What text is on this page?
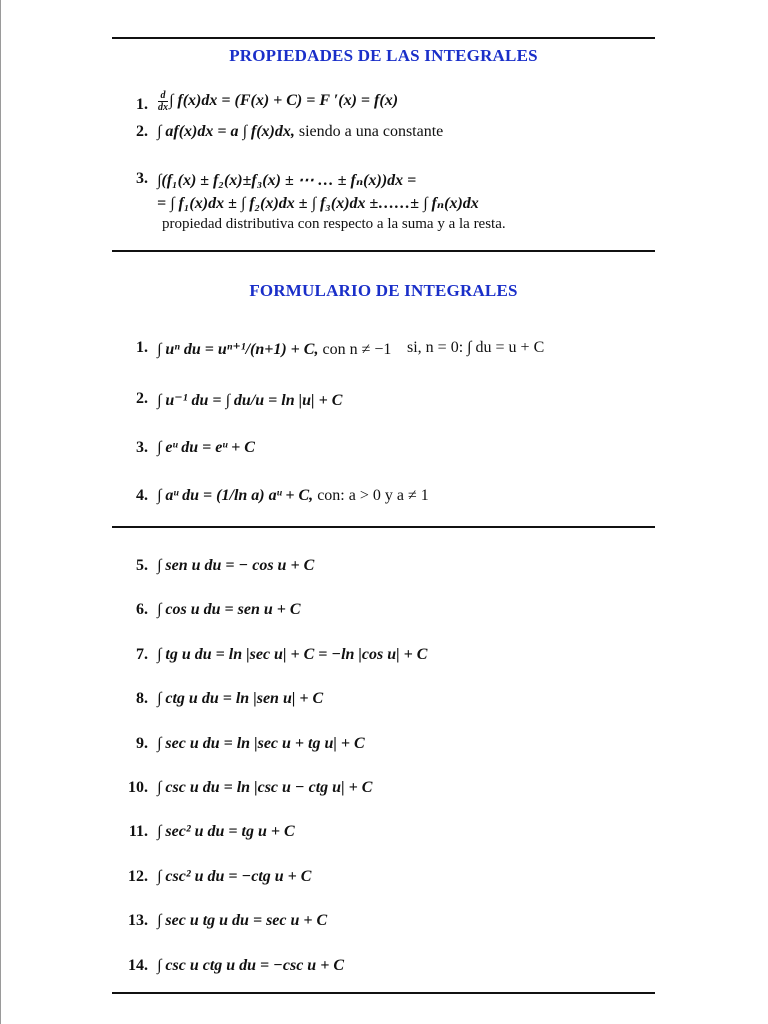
PROPIEDADES DE LAS INTEGRALES
1. $\frac{d}{dx}$ ∫ f(x)dx = (F(x) + C) = F ′(x) = f(x)
2. ∫ af(x)dx = a ∫ f(x)dx, siendo a una constante
3. ∫(f₁(x) ± f₂(x)±f₃(x) ± ⋯ … ± fₙ(x))dx =
= ∫ f₁(x)dx ± ∫ f₂(x)dx ± ∫ f₃(x)dx ±……± ∫ fₙ(x)dx
propiedad distributiva con respecto a la suma y a la resta.
FORMULARIO DE INTEGRALES
1. ∫ uⁿ du = uⁿ⁺¹/(n+1) + C, con n ≠ −1 si, n = 0: ∫ du = u + C
2. ∫ u⁻¹ du = ∫ du/u = ln |u| + C
3. ∫ eᵘ du = eᵘ + C
4. ∫ aᵘ du = (1/ln a) aᵘ + C, con: a > 0 y a ≠ 1
5. ∫ sen u du = − cos u + C
6. ∫ cos u du = sen u + C
7. ∫ tg u du = ln |sec u| + C = −ln |cos u| + C
8. ∫ ctg u du = ln |sen u| + C
9. ∫ sec u du = ln |sec u + tg u| + C
10. ∫ csc u du = ln |csc u − ctg u| + C
11. ∫ sec² u du = tg u + C
12. ∫ csc² u du = −ctg u + C
13. ∫ sec u tg u du = sec u + C
14. ∫ csc u ctg u du = −csc u + C
